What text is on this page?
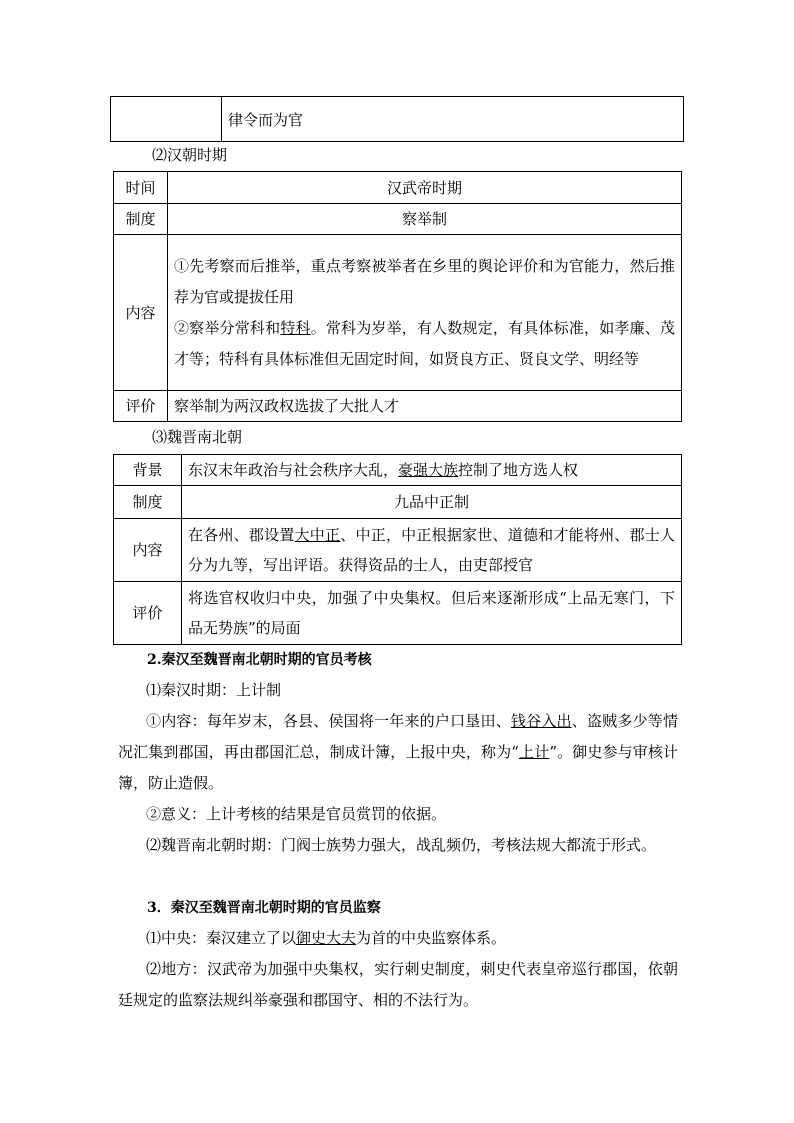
	律令而为官
⑵汉朝时期
时间	汉武帝时期
制度	察举制
内容	①先考察而后推举，重点考察被举者在乡里的舆论评价和为官能力，然后推荐为官或提拔任用
②察举分常科和特科。常科为岁举，有人数规定，有具体标准，如孝廉、茂才等；特科有具体标准但无固定时间，如贤良方正、贤良文学、明经等

评价	察举制为两汉政权选拔了大批人才
⑶魏晋南北朝
背景	东汉末年政治与社会秩序大乱，豪强大族控制了地方选人权
制度	九品中正制
内容	在各州、郡设置大中正、中正，中正根据家世、道德和才能将州、郡士人分为九等，写出评语。获得资品的士人，由吏部授官
评价	将选官权收归中央，加强了中央集权。但后来逐渐形成“上品无寒门，下品无势族”的局面
2.秦汉至魏晋南北朝时期的官员考核
⑴秦汉时期：上计制
①内容：每年岁末，各县、侯国将一年来的户口垦田、钱谷入出、盗贼多少等情况汇集到郡国，再由郡国汇总，制成计簿，上报中央，称为“上计”。御史参与审核计簿，防止造假。
②意义：上计考核的结果是官员赏罚的依据。
⑵魏晋南北朝时期：门阀士族势力强大，战乱频仍，考核法规大都流于形式。
3．秦汉至魏晋南北朝时期的官员监察
⑴中央：秦汉建立了以御史大夫为首的中央监察体系。
⑵地方：汉武帝为加强中央集权，实行刺史制度，刺史代表皇帝巡行郡国，依朝廷规定的监察法规纠举豪强和郡国守、相的不法行为。
